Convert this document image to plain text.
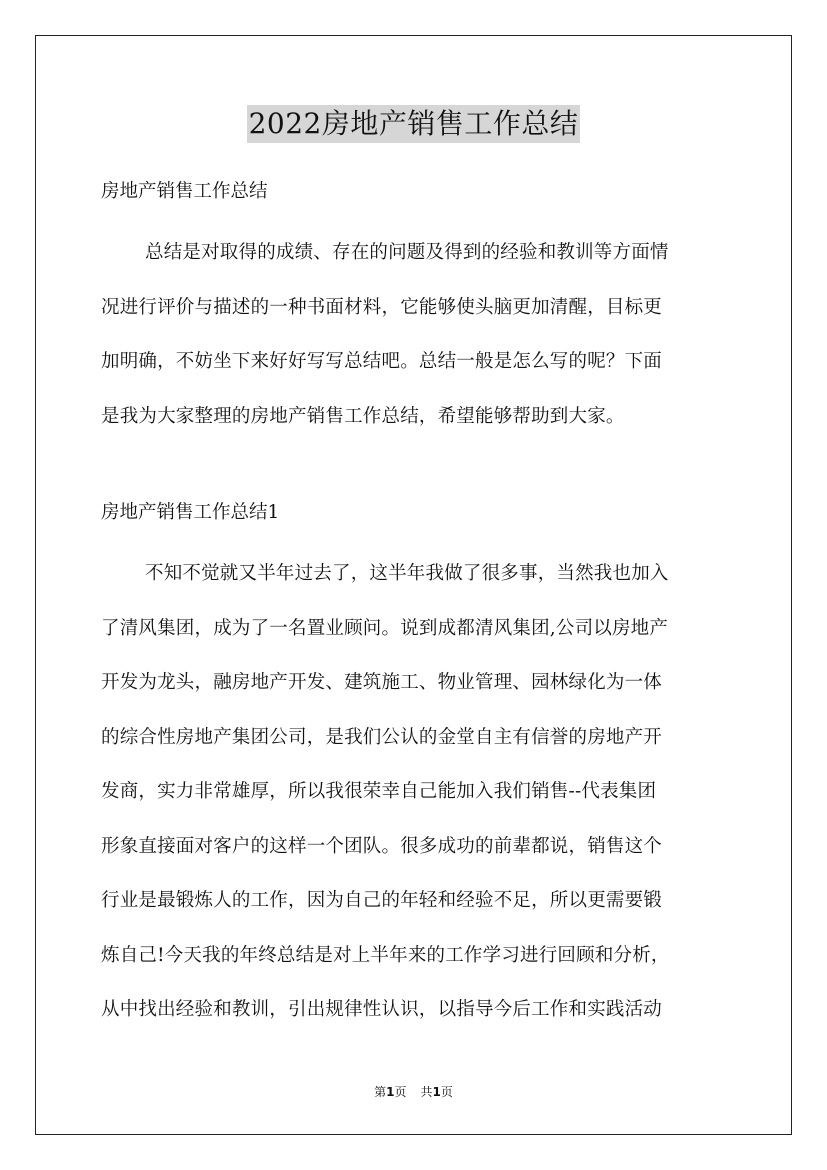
2022房地产销售工作总结

房地产销售工作总结

总结是对取得的成绩、存在的问题及得到的经验和教训等方面情
况进行评价与描述的一种书面材料，它能够使头脑更加清醒，目标更
加明确，不妨坐下来好好写写总结吧。总结一般是怎么写的呢？下面
是我为大家整理的房地产销售工作总结，希望能够帮助到大家。

房地产销售工作总结1

不知不觉就又半年过去了，这半年我做了很多事，当然我也加入
了清风集团，成为了一名置业顾问。说到成都清风集团,公司以房地产
开发为龙头，融房地产开发、建筑施工、物业管理、园林绿化为一体
的综合性房地产集团公司，是我们公认的金堂自主有信誉的房地产开
发商，实力非常雄厚，所以我很荣幸自己能加入我们销售--代表集团
形象直接面对客户的这样一个团队。很多成功的前辈都说，销售这个
行业是最锻炼人的工作，因为自己的年轻和经验不足，所以更需要锻
炼自己!今天我的年终总结是对上半年来的工作学习进行回顾和分析，
从中找出经验和教训，引出规律性认识，以指导今后工作和实践活动

第1页 共1页
